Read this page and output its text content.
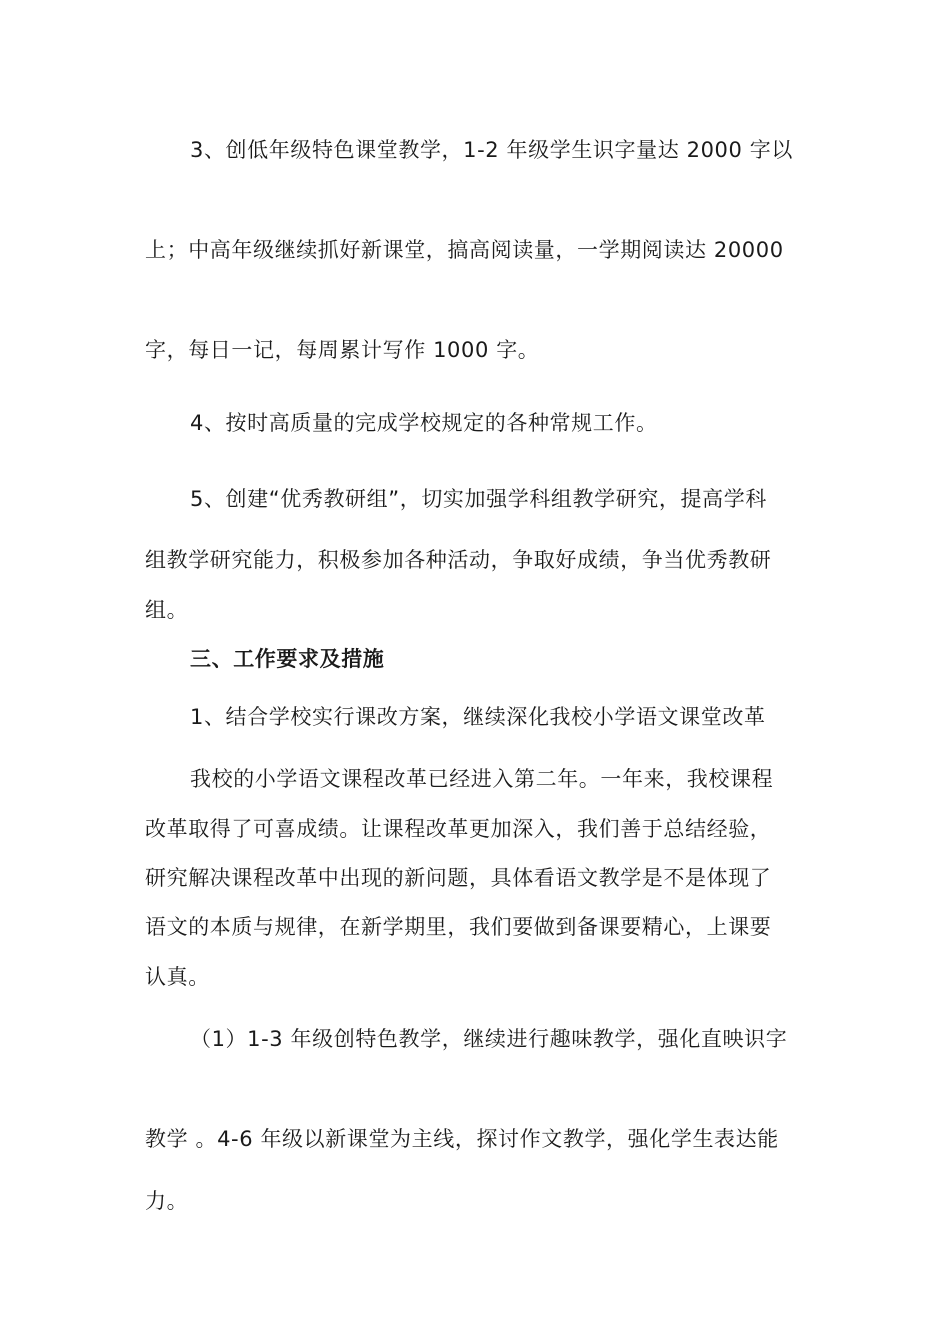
3、创低年级特色课堂教学，1-2 年级学生识字量达 2000 字以
上；中高年级继续抓好新课堂，搞高阅读量，一学期阅读达 20000
字，每日一记，每周累计写作 1000 字。
4、按时高质量的完成学校规定的各种常规工作。
5、创建“优秀教研组”，切实加强学科组教学研究，提高学科
组教学研究能力，积极参加各种活动，争取好成绩，争当优秀教研
组。
三、工作要求及措施
1、结合学校实行课改方案，继续深化我校小学语文课堂改革
我校的小学语文课程改革已经进入第二年。一年来，我校课程
改革取得了可喜成绩。让课程改革更加深入，我们善于总结经验，
研究解决课程改革中出现的新问题，具体看语文教学是不是体现了
语文的本质与规律，在新学期里，我们要做到备课要精心，上课要
认真。
（1）1-3 年级创特色教学，继续进行趣味教学，强化直映识字
教学 。4-6 年级以新课堂为主线，探讨作文教学，强化学生表达能
力。
